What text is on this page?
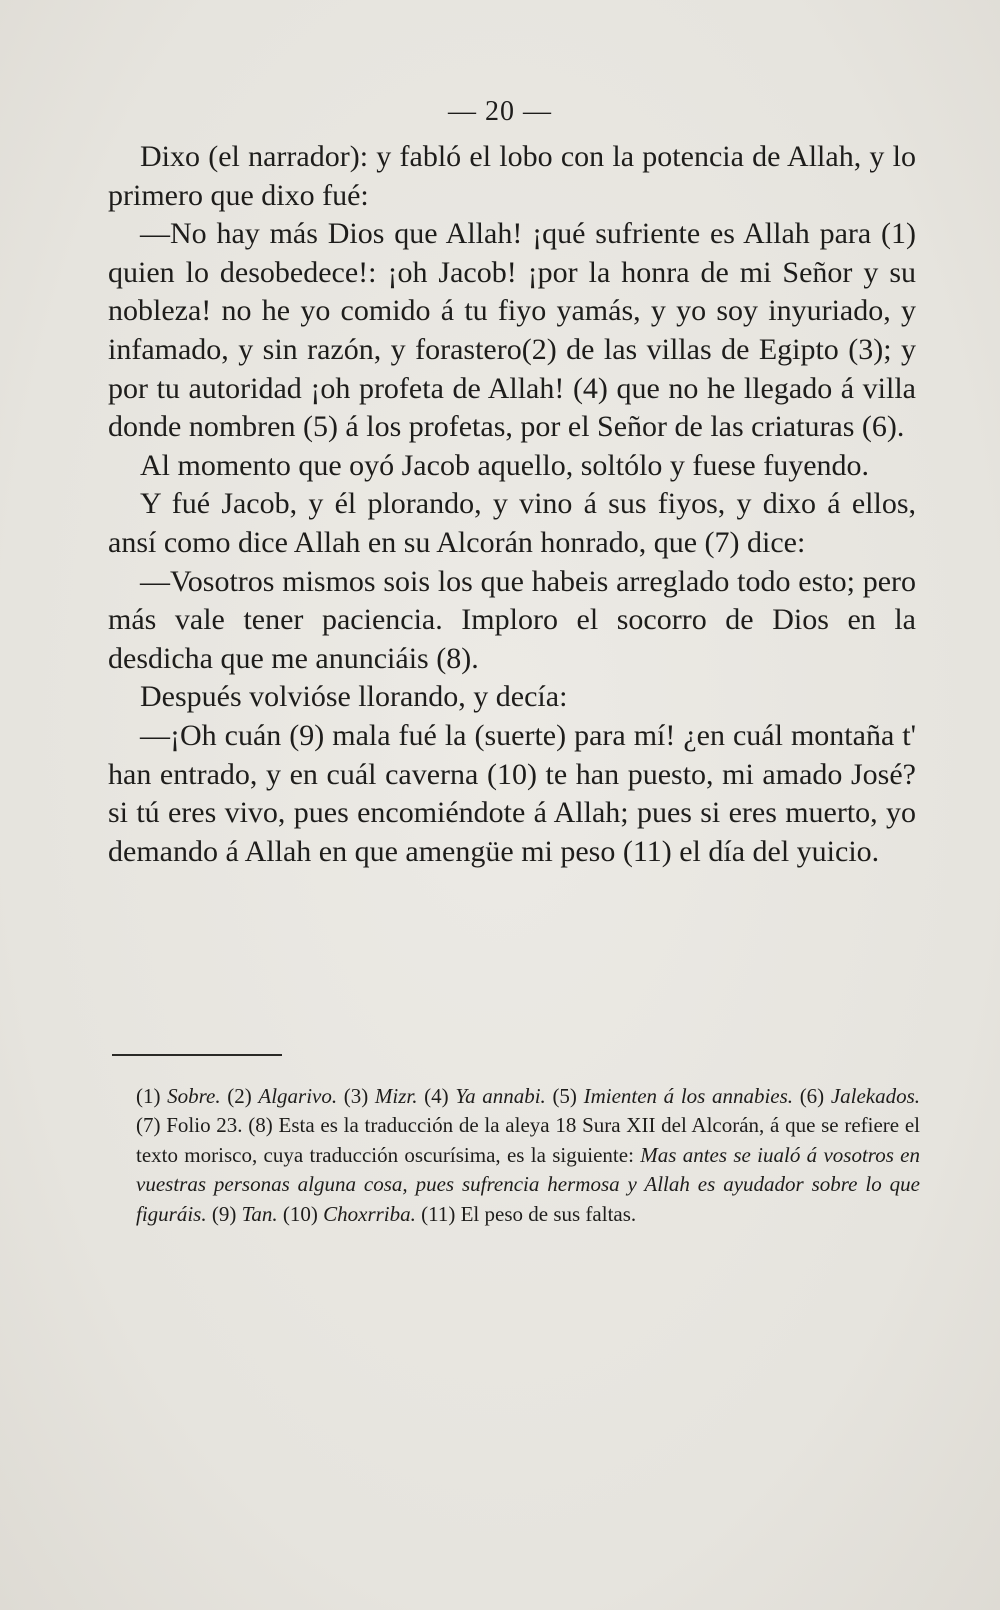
— 20 —

Dixo (el narrador): y fabló el lobo con la potencia de Allah, y lo primero que dixo fué:

—No hay más Dios que Allah! ¡qué sufriente es Allah para (1) quien lo desobedece!: ¡oh Jacob! ¡por la honra de mi Señor y su nobleza! no he yo comido á tu fiyo yamás, y yo soy inyuriado, y infamado, y sin razón, y forastero(2) de las villas de Egipto (3); y por tu autoridad ¡oh profeta de Allah! (4) que no he llegado á villa donde nombren (5) á los profetas, por el Señor de las criaturas (6).

Al momento que oyó Jacob aquello, soltólo y fuese fuyendo.

Y fué Jacob, y él plorando, y vino á sus fiyos, y dixo á ellos, ansí como dice Allah en su Alcorán honrado, que (7) dice:

—Vosotros mismos sois los que habeis arreglado todo esto; pero más vale tener paciencia. Imploro el socorro de Dios en la desdicha que me anunciáis (8).

Después volvióse llorando, y decía:

—¡Oh cuán (9) mala fué la (suerte) para mí! ¿en cuál montaña t' han entrado, y en cuál caverna (10) te han puesto, mi amado José? si tú eres vivo, pues encomiéndote á Allah; pues si eres muerto, yo demando á Allah en que amengüe mi peso (11) el día del yuicio.

(1) Sobre. (2) Algarivo. (3) Mizr. (4) Ya annabi. (5) Imienten á los annabies. (6) Jalekados. (7) Folio 23. (8) Esta es la traducción de la aleya 18 Sura XII del Alcorán, á que se refiere el texto morisco, cuya traducción oscurísima, es la siguiente: Mas antes se iualó á vosotros en vuestras personas alguna cosa, pues sufrencia hermosa y Allah es ayudador sobre lo que figuráis. (9) Tan. (10) Choxrriba. (11) El peso de sus faltas.
